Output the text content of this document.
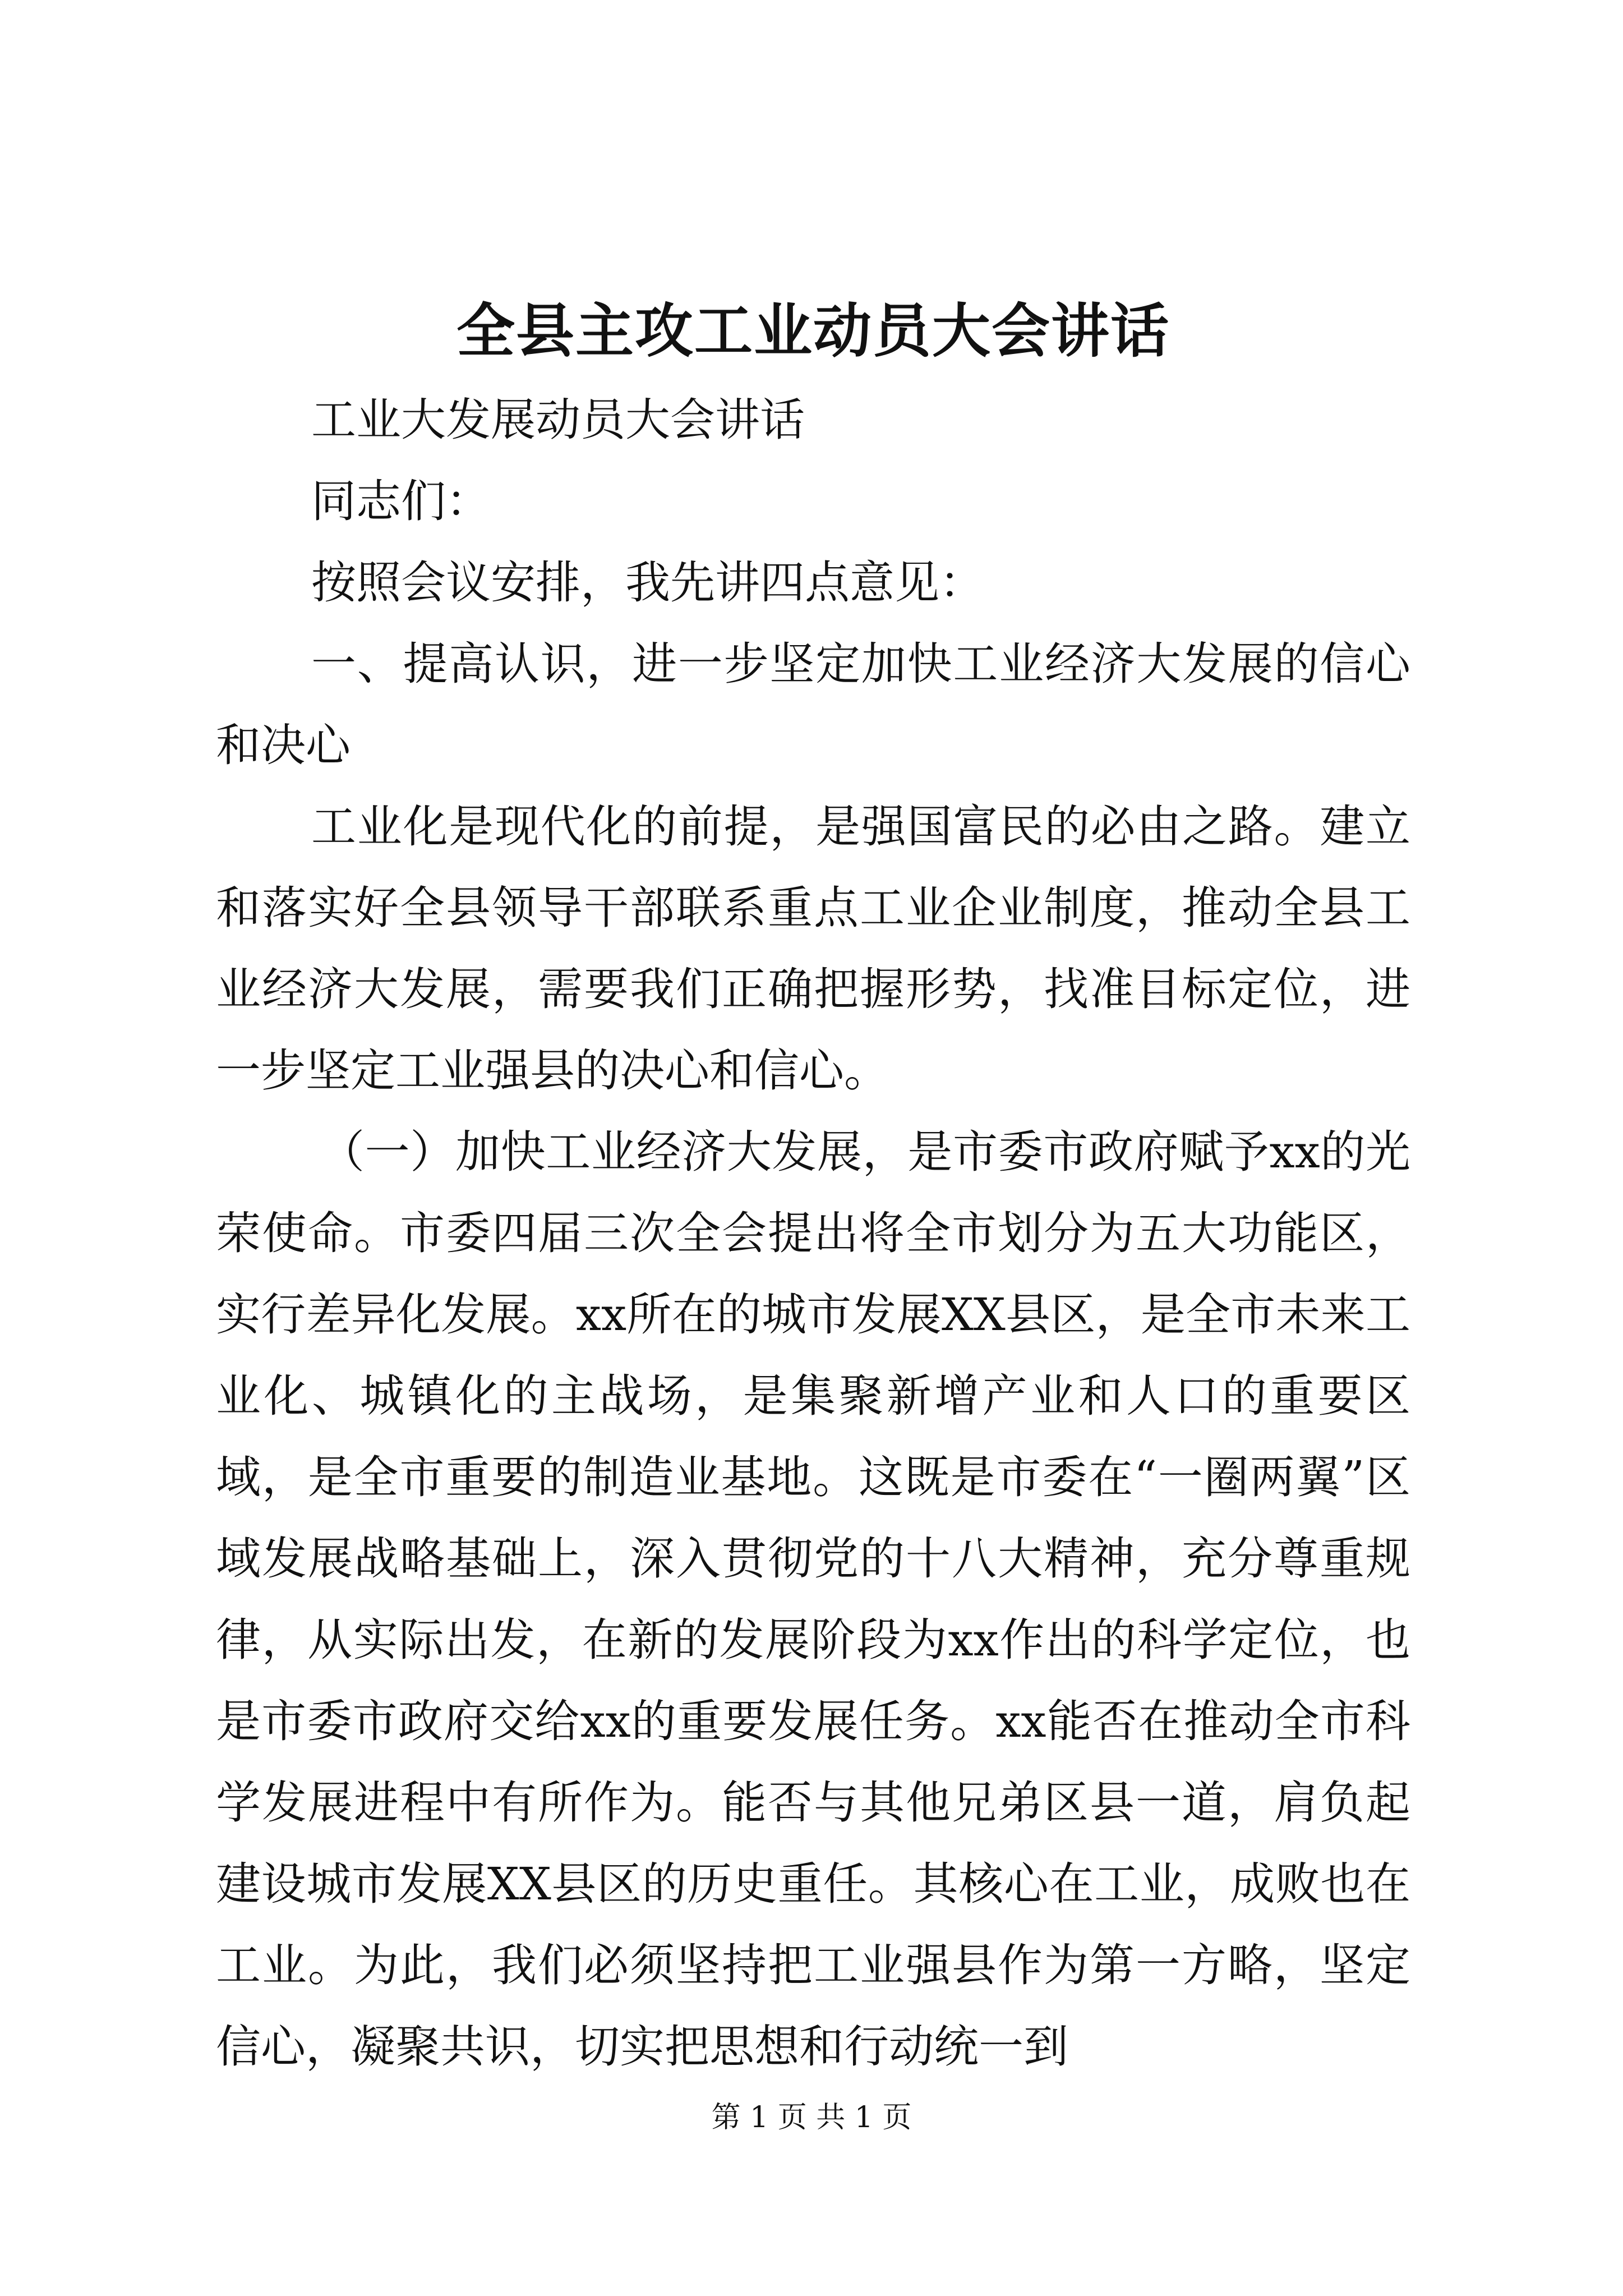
全县主攻工业动员大会讲话

工业大发展动员大会讲话

同志们：

按照会议安排，我先讲四点意见：

一、提高认识，进一步坚定加快工业经济大发展的信心和决心

工业化是现代化的前提，是强国富民的必由之路。建立和落实好全县领导干部联系重点工业企业制度，推动全县工业经济大发展，需要我们正确把握形势，找准目标定位，进一步坚定工业强县的决心和信心。

（一）加快工业经济大发展，是市委市政府赋予xx的光荣使命。市委四届三次全会提出将全市划分为五大功能区，实行差异化发展。xx所在的城市发展XX县区，是全市未来工业化、城镇化的主战场，是集聚新增产业和人口的重要区域，是全市重要的制造业基地。这既是市委在“一圈两翼”区域发展战略基础上，深入贯彻党的十八大精神，充分尊重规律，从实际出发，在新的发展阶段为xx作出的科学定位，也是市委市政府交给xx的重要发展任务。xx能否在推动全市科学发展进程中有所作为。能否与其他兄弟区县一道，肩负起建设城市发展XX县区的历史重任。其核心在工业，成败也在工业。为此，我们必须坚持把工业强县作为第一方略，坚定信心，凝聚共识，切实把思想和行动统一到

第 1 页 共 1 页
